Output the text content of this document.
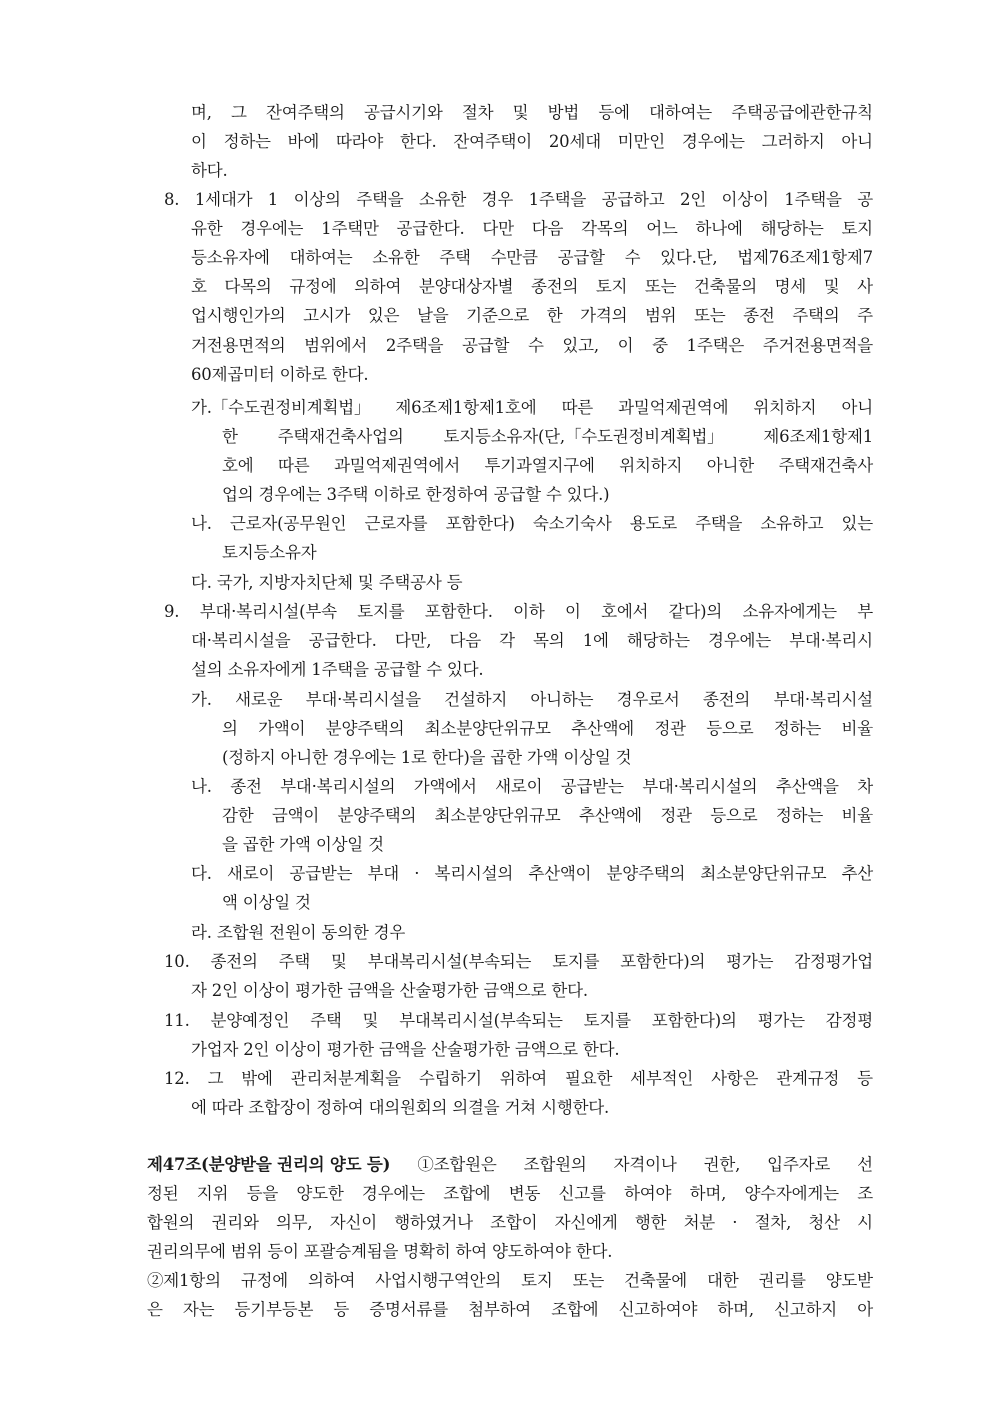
며, 그 잔여주택의 공급시기와 절차 및 방법 등에 대하여는 주택공급에관한규칙
이 정하는 바에 따라야 한다. 잔여주택이 20세대 미만인 경우에는 그러하지 아니
하다.
8. 1세대가 1 이상의 주택을 소유한 경우 1주택을 공급하고 2인 이상이 1주택을 공
유한 경우에는 1주택만 공급한다. 다만 다음 각목의 어느 하나에 해당하는 토지
등소유자에 대하여는 소유한 주택 수만큼 공급할 수 있다.단, 법제76조제1항제7
호 다목의 규정에 의하여 분양대상자별 종전의 토지 또는 건축물의 명세 및 사
업시행인가의 고시가 있은 날을 기준으로 한 가격의 범위 또는 종전 주택의 주
거전용면적의 범위에서 2주택을 공급할 수 있고, 이 중 1주택은 주거전용면적을
60제곱미터 이하로 한다.
가.「수도권정비계획법」 제6조제1항제1호에 따른 과밀억제권역에 위치하지 아니
한 주택재건축사업의 토지등소유자(단,「수도권정비계획법」 제6조제1항제1
호에 따른 과밀억제권역에서 투기과열지구에 위치하지 아니한 주택재건축사
업의 경우에는 3주택 이하로 한정하여 공급할 수 있다.)
나. 근로자(공무원인 근로자를 포함한다) 숙소기숙사 용도로 주택을 소유하고 있는
토지등소유자
다. 국가, 지방자치단체 및 주택공사 등
9. 부대·복리시설(부속 토지를 포함한다. 이하 이 호에서 같다)의 소유자에게는 부
대·복리시설을 공급한다. 다만, 다음 각 목의 1에 해당하는 경우에는 부대·복리시
설의 소유자에게 1주택을 공급할 수 있다.
가. 새로운 부대·복리시설을 건설하지 아니하는 경우로서 종전의 부대·복리시설
의 가액이 분양주택의 최소분양단위규모 추산액에 정관 등으로 정하는 비율
(정하지 아니한 경우에는 1로 한다)을 곱한 가액 이상일 것
나. 종전 부대·복리시설의 가액에서 새로이 공급받는 부대·복리시설의 추산액을 차
감한 금액이 분양주택의 최소분양단위규모 추산액에 정관 등으로 정하는 비율
을 곱한 가액 이상일 것
다. 새로이 공급받는 부대 · 복리시설의 추산액이 분양주택의 최소분양단위규모 추산
액 이상일 것
라. 조합원 전원이 동의한 경우
10. 종전의 주택 및 부대복리시설(부속되는 토지를 포함한다)의 평가는 감정평가업
자 2인 이상이 평가한 금액을 산술평가한 금액으로 한다.
11. 분양예정인 주택 및 부대복리시설(부속되는 토지를 포함한다)의 평가는 감정평
가업자 2인 이상이 평가한 금액을 산술평가한 금액으로 한다.
12. 그 밖에 관리처분계획을 수립하기 위하여 필요한 세부적인 사항은 관계규정 등
에 따라 조합장이 정하여 대의원회의 의결을 거쳐 시행한다.
제47조(분양받을 권리의 양도 등) ①조합원은 조합원의 자격이나 권한, 입주자로 선
정된 지위 등을 양도한 경우에는 조합에 변동 신고를 하여야 하며, 양수자에게는 조
합원의 권리와 의무, 자신이 행하였거나 조합이 자신에게 행한 처분 · 절차, 청산 시
권리의무에 범위 등이 포괄승계됨을 명확히 하여 양도하여야 한다.
②제1항의 규정에 의하여 사업시행구역안의 토지 또는 건축물에 대한 권리를 양도받
은 자는 등기부등본 등 증명서류를 첨부하여 조합에 신고하여야 하며, 신고하지 아
